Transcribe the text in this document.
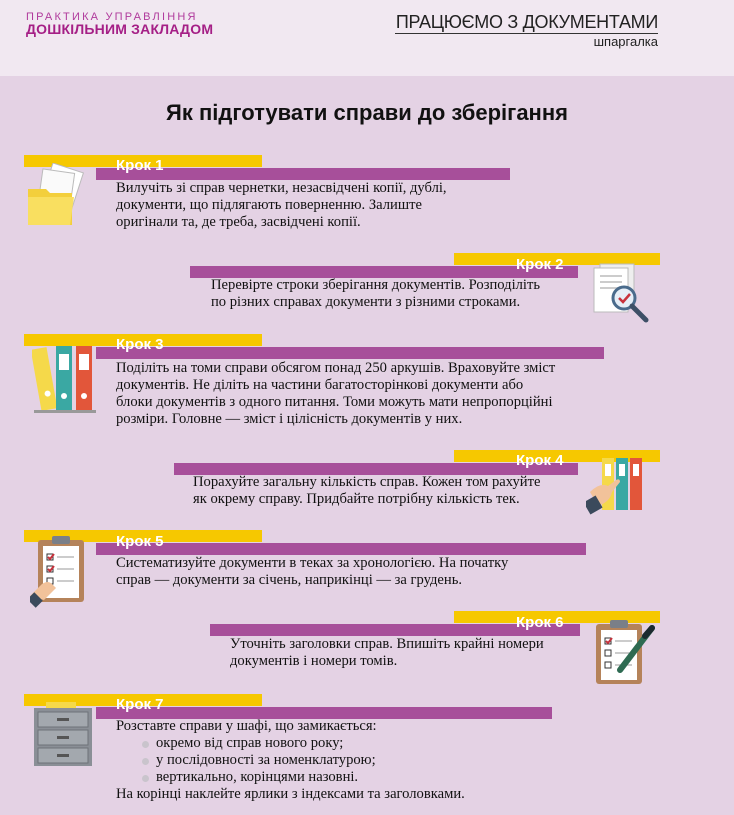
ПРАКТИКА УПРАВЛІННЯ
ДОШКІЛЬНИМ ЗАКЛАДОМ	ПРАЦЮЄМО З ДОКУМЕНТАМИ
шпаргалка
Як підготувати справи до зберігання
Крок 1

Вилучіть зі справ чернетки, незасвідчені копії, дублі,

документи, що підлягають поверненню. Залиште

оригінали та, де треба, засвідчені копії.

Крок 2

Перевірте строки зберігання документів. Розподіліть

по різних справах документи з різними строками.

Крок 3

Поділіть на томи справи обсягом понад 250 аркушів. Враховуйте зміст

документів. Не діліть на частини багатосторінкові документи або

блоки документів з одного питання. Томи можуть мати непропорційні

розміри. Головне — зміст і цілісність документів у них.

Крок 4

Порахуйте загальну кількість справ. Кожен том рахуйте

як окрему справу. Придбайте потрібну кількість тек.

Крок 5

Систематизуйте документи в теках за хронологією. На початку

справ — документи за січень, наприкінці — за грудень.

Крок 6

Уточніть заголовки справ. Впишіть крайні номери

документів і номери томів.

Крок 7

Розставте справи у шафі, що замикається:

окремо від справ нового року;
у послідовності за номенклатурою;
вертикально, корінцями назовні.

На корінці наклейте ярлики з індексами та заголовками.
